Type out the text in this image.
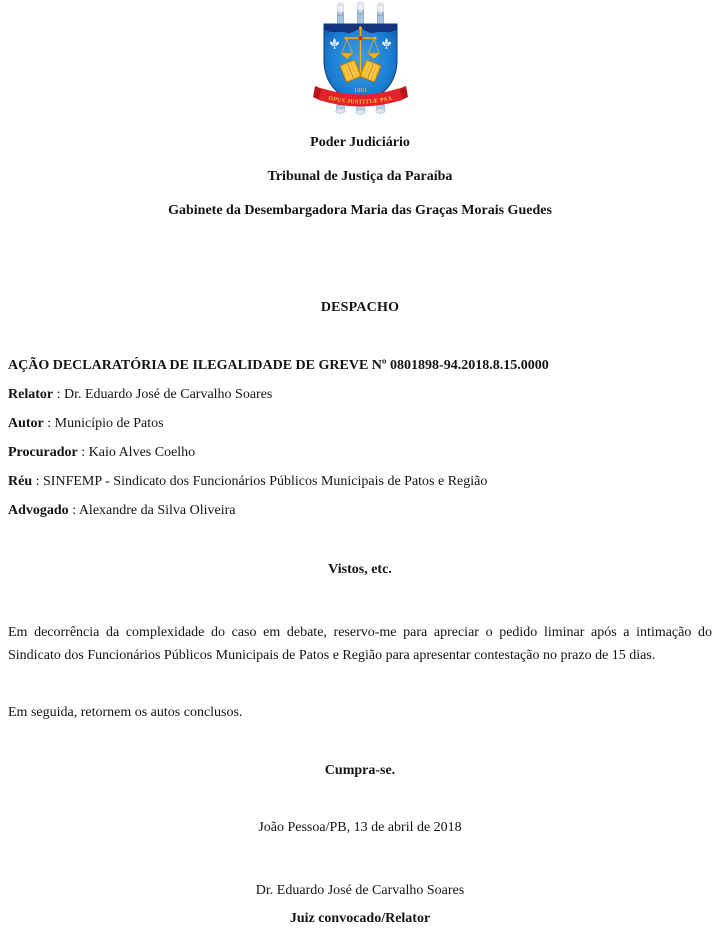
1891
OPUS JUSTITIÆ PAX
Poder Judiciário
Tribunal de Justiça da Paraíba
Gabinete da Desembargadora Maria das Graças Morais Guedes
DESPACHO
AÇÃO DECLARATÓRIA DE ILEGALIDADE DE GREVE Nº 0801898-94.2018.8.15.0000
Relator : Dr. Eduardo José de Carvalho Soares
Autor : Município de Patos
Procurador : Kaio Alves Coelho
Réu : SINFEMP - Sindicato dos Funcionários Públicos Municipais de Patos e Região
Advogado : Alexandre da Silva Oliveira
Vistos, etc.
Em decorrência da complexidade do caso em debate, reservo-me para apreciar o pedido liminar após a intimação do Sindicato dos Funcionários Públicos Municipais de Patos e Região para apresentar contestação no prazo de 15 dias.
Em seguida, retornem os autos conclusos.
Cumpra-se.
João Pessoa/PB, 13 de abril de 2018
Dr. Eduardo José de Carvalho Soares
Juiz convocado/Relator
